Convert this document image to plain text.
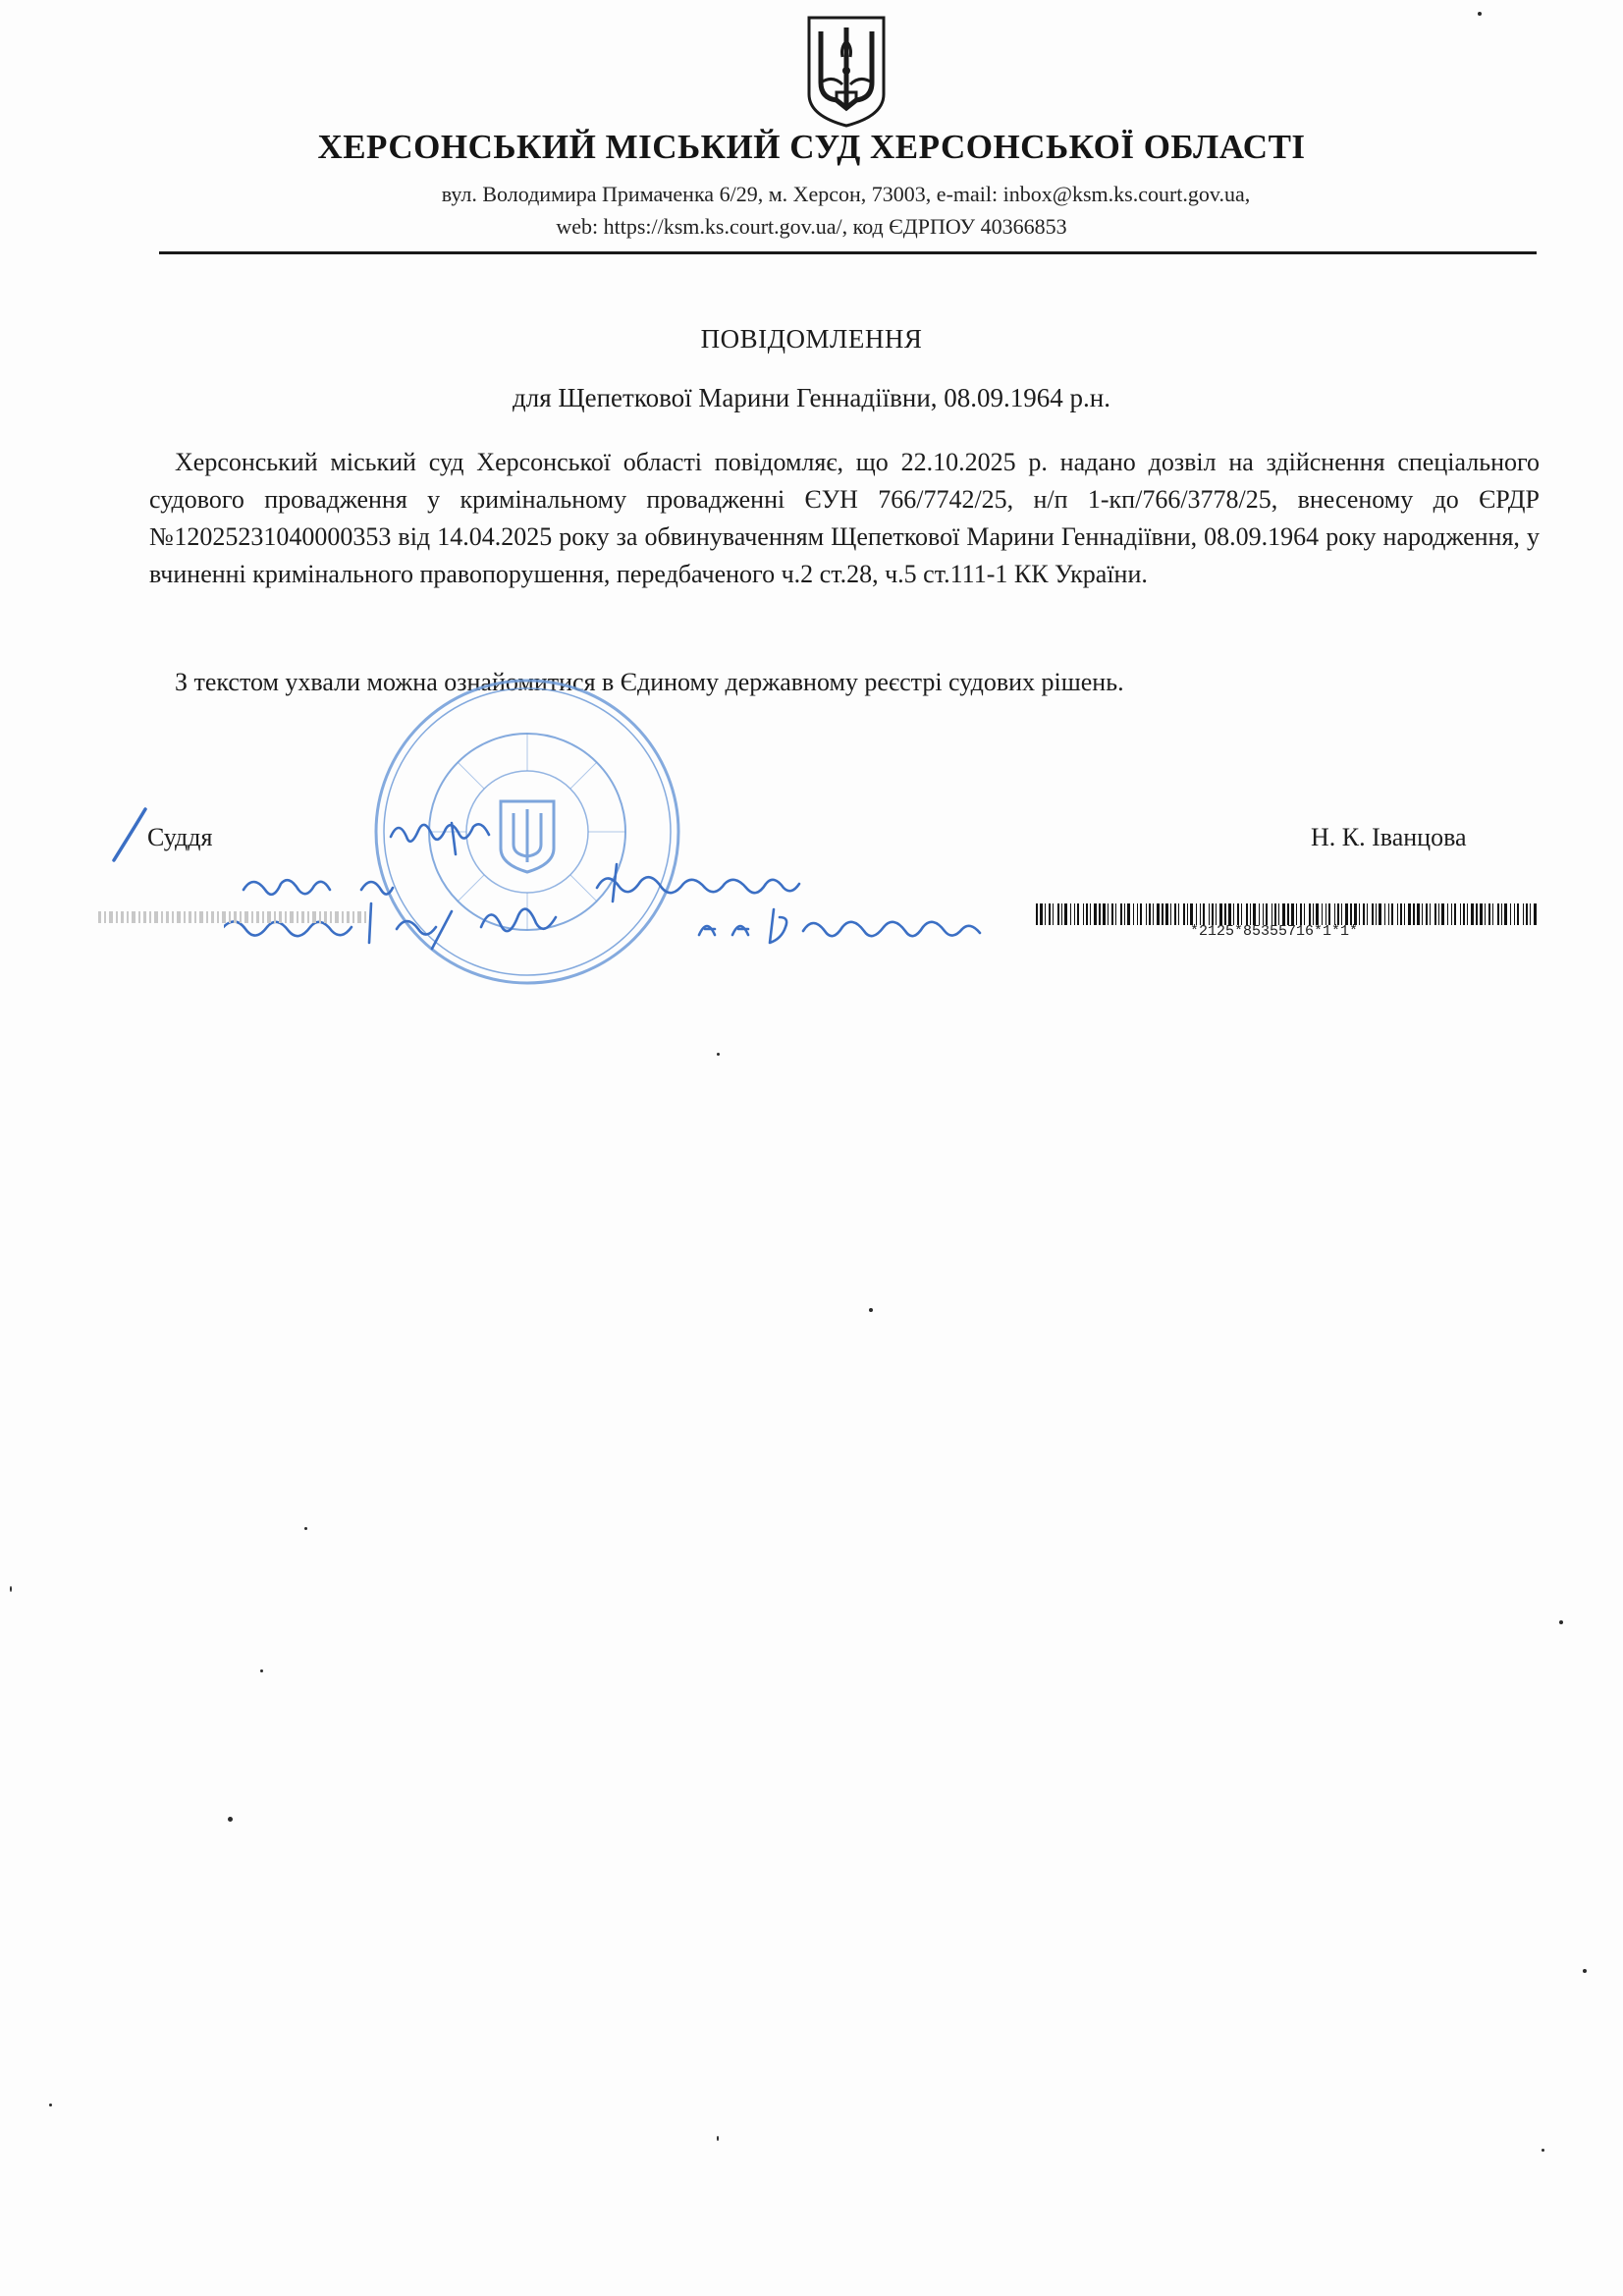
ХЕРСОНСЬКИЙ МІСЬКИЙ СУД ХЕРСОНСЬКОЇ ОБЛАСТІ
вул. Володимира Примаченка 6/29, м. Херсон, 73003, e-mail: inbox@ksm.ks.court.gov.ua,
web: https://ksm.ks.court.gov.ua/, код ЄДРПОУ 40366853
ПОВІДОМЛЕННЯ
для Щепеткової Марини Геннадіївни, 08.09.1964 р.н.
Херсонський міський суд Херсонської області повідомляє, що 22.10.2025 р. надано дозвіл на здійснення спеціального судового провадження у кримінальному провадженні ЄУН 766/7742/25, н/п 1-кп/766/3778/25, внесеному до ЄРДР №12025231040000353 від 14.04.2025 року за обвинуваченням Щепеткової Марини Геннадіївни, 08.09.1964 року народження, у вчиненні кримінального правопорушення, передбаченого ч.2 ст.28, ч.5 ст.111-1 КК України.
З текстом ухвали можна ознайомитися в Єдиному державному реєстрі судових рішень.
Суддя	Н. К. Іванцова
*2125*85355716*1*1*
